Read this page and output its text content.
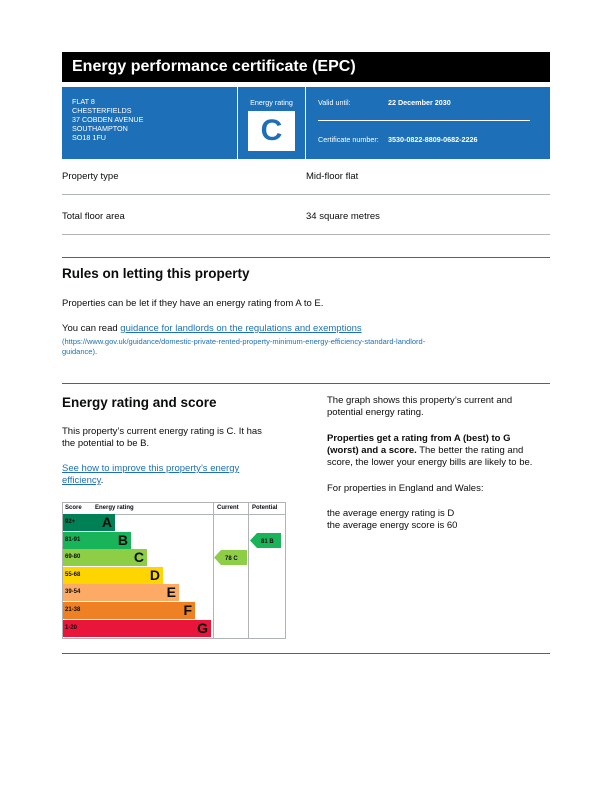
Energy performance certificate (EPC)
FLAT 8
CHESTERFIELDS
37 COBDEN AVENUE
SOUTHAMPTON
SO18 1FU
Energy rating
C
Valid until:	22 December 2030
Certificate number: 3530-0822-8809-0682-2226
Property type	Mid-floor flat
Total floor area	34 square metres
Rules on letting this property
Properties can be let if they have an energy rating from A to E.
You can read guidance for landlords on the regulations and exemptions
(https://www.gov.uk/guidance/domestic-private-rented-property-minimum-energy-efficiency-standard-landlord-
guidance).
Energy rating and score
This property’s current energy rating is C. It has
the potential to be B.
See how to improve this property’s energy
efficiency.
The graph shows this property’s current and
potential energy rating.
Properties get a rating from A (best) to G
(worst) and a score. The better the rating and
score, the lower your energy bills are likely to be.
For properties in England and Wales:
the average energy rating is D
the average energy score is 60
Score Energy rating	Current Potential
92+ A
81-91	B
69-80	C
55-68	D
39-54	E
21-38	F
1-20	G
78 C
81 B
